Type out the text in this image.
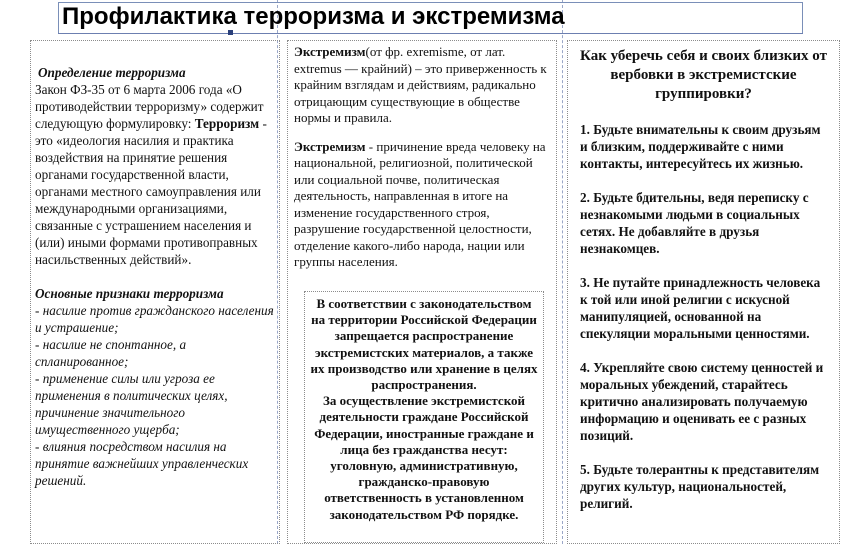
Профилактика терроризма и экстремизма

Определение терроризма

Закон ФЗ-35 от 6 марта 2006 года «О противодействии терроризму» содержит следующую формулировку: Терроризм - это «идеология насилия и практика воздействия на принятие решения органами государственной власти, органами местного самоуправления или международными организациями, связанные с устрашением населения и (или) иными формами противоправных насильственных действий».

Основные признаки терроризма

- насилие против гражданского населения и устрашение;

- насилие не спонтанное, а спланированное;

- применение силы или угроза ее применения в политических целях, причинение значительного имущественного ущерба;

- влияния посредством насилия на принятие важнейших управленческих решений.

Экстремизм(от фр. exremisme, от лат. extremus — крайний) – это приверженность к крайним взглядам и действиям, радикально отрицающим существующие в обществе нормы и правила.

Экстремизм - причинение вреда человеку на национальной, религиозной, политической или социальной почве, политическая деятельность, направленная в итоге на изменение государственного строя, разрушение государственной целостности, отделение какого-либо народа, нации или группы населения.

В соответствии с законодательством на территории Российской Федерации запрещается распространение экстремистских материалов, а также их производство или хранение в целях распространения.
За осуществление экстремистской деятельности граждане Российской Федерации, иностранные граждане и лица без гражданства несут: уголовную, административную, гражданско-правовую ответственность в установленном законодательством РФ порядке.

Как уберечь себя и своих близких от вербовки в экстремистские группировки?

1. Будьте внимательны к своим друзьям и близким, поддерживайте с ними контакты, интересуйтесь их жизнью.

2. Будьте бдительны, ведя переписку с незнакомыми людьми в социальных сетях. Не добавляйте в друзья незнакомцев.

3. Не путайте принадлежность человека к той или иной религии с искусной манипуляцией, основанной на спекуляции моральными ценностями.

4. Укрепляйте свою систему ценностей и моральных убеждений, старайтесь критично анализировать получаемую информацию и оценивать ее с разных позиций.

5. Будьте толерантны к представителям других культур, национальностей, религий.
